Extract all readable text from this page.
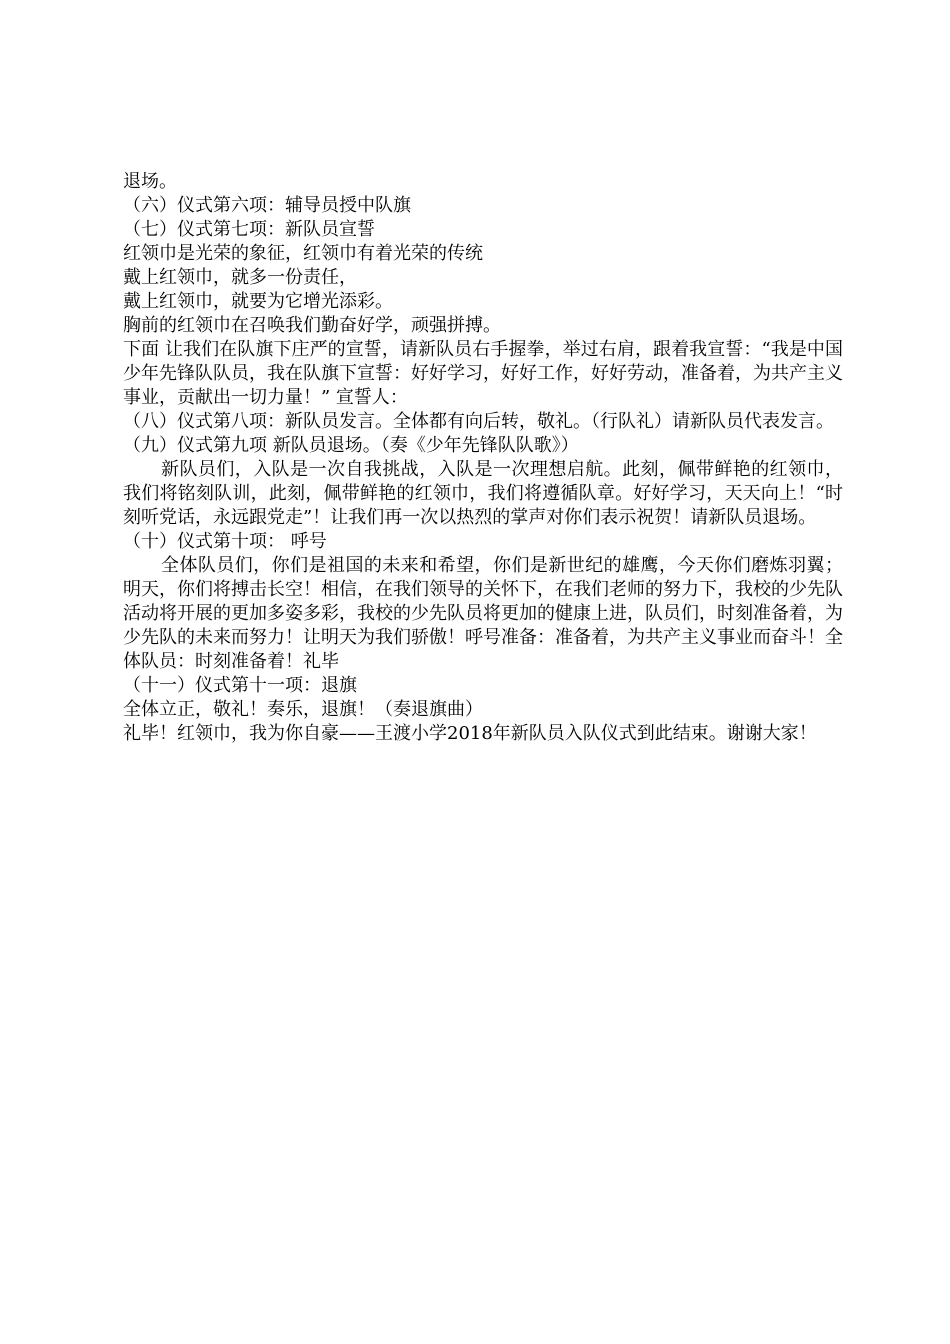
退场。

（六）仪式第六项：辅导员授中队旗

（七）仪式第七项：新队员宣誓

红领巾是光荣的象征，红领巾有着光荣的传统

戴上红领巾，就多一份责任，

戴上红领巾，就要为它增光添彩。

胸前的红领巾在召唤我们勤奋好学，顽强拼搏。

下面 让我们在队旗下庄严的宣誓，请新队员右手握拳，举过右肩，跟着我宣誓：“我是中国少年先锋队队员，我在队旗下宣誓：好好学习，好好工作，好好劳动，准备着，为共产主义事业，贡献出一切力量！” 宣誓人：

（八）仪式第八项：新队员发言。全体都有向后转，敬礼。（行队礼）请新队员代表发言。

（九）仪式第九项 新队员退场。（奏《少年先锋队队歌》）

新队员们，入队是一次自我挑战，入队是一次理想启航。此刻，佩带鲜艳的红领巾，我们将铭刻队训，此刻，佩带鲜艳的红领巾，我们将遵循队章。好好学习，天天向上！“时刻听党话，永远跟党走”！让我们再一次以热烈的掌声对你们表示祝贺！请新队员退场。

（十）仪式第十项： 呼号

全体队员们，你们是祖国的未来和希望，你们是新世纪的雄鹰，今天你们磨炼羽翼；明天，你们将搏击长空！相信，在我们领导的关怀下，在我们老师的努力下，我校的少先队活动将开展的更加多姿多彩，我校的少先队员将更加的健康上进，队员们，时刻准备着，为少先队的未来而努力！让明天为我们骄傲！呼号准备：准备着，为共产主义事业而奋斗！全体队员：时刻准备着！礼毕

（十一）仪式第十一项：退旗

全体立正，敬礼！奏乐，退旗！（奏退旗曲）

礼毕！红领巾，我为你自豪——王渡小学2018年新队员入队仪式到此结束。谢谢大家！
